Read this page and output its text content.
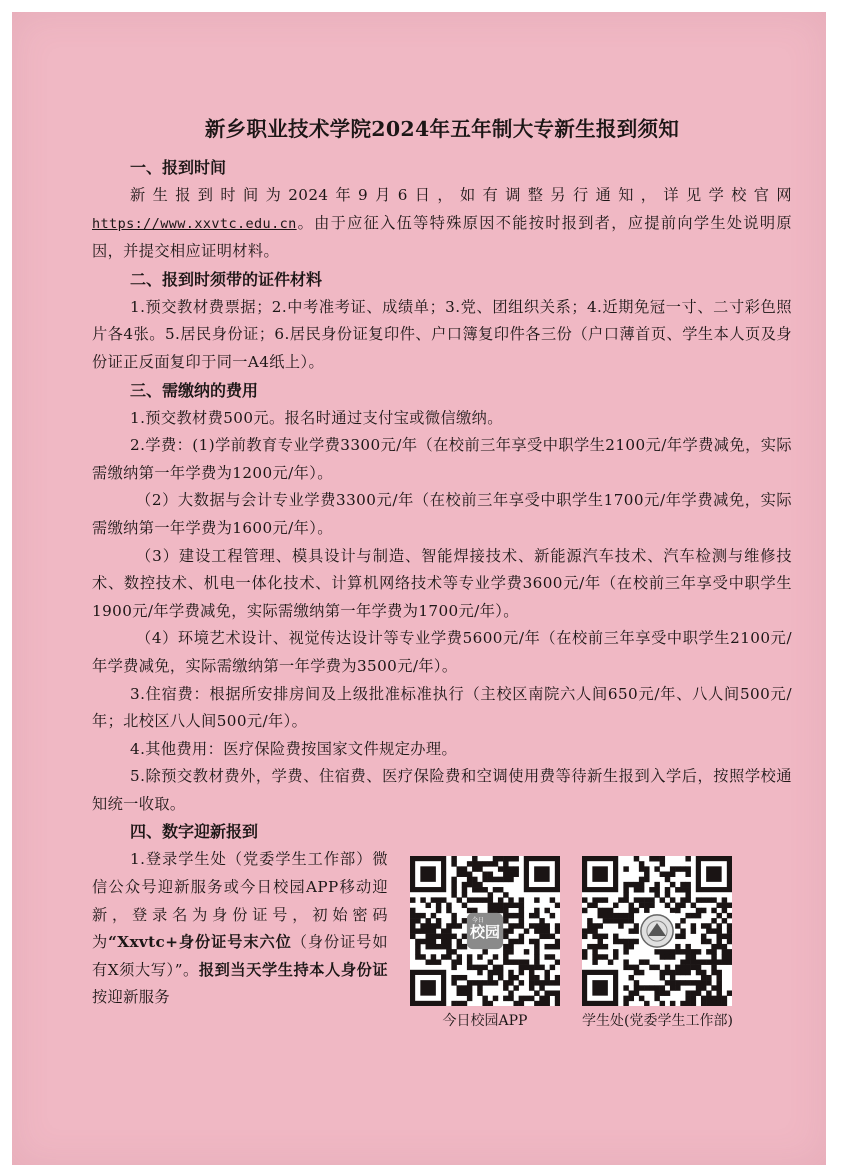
新乡职业技术学院2024年五年制大专新生报到须知
一、报到时间
新生报到时间为2024年9月6日，如有调整另行通知，详见学校官网https://www.xxvtc.edu.cn。由于应征入伍等特殊原因不能按时报到者，应提前向学生处说明原因，并提交相应证明材料。
二、报到时须带的证件材料
1.预交教材费票据；2.中考准考证、成绩单；3.党、团组织关系；4.近期免冠一寸、二寸彩色照片各4张。5.居民身份证；6.居民身份证复印件、户口簿复印件各三份（户口薄首页、学生本人页及身份证正反面复印于同一A4纸上）。
三、需缴纳的费用
1.预交教材费500元。报名时通过支付宝或微信缴纳。
2.学费：(1)学前教育专业学费3300元/年（在校前三年享受中职学生2100元/年学费减免，实际需缴纳第一年学费为1200元/年）。
（2）大数据与会计专业学费3300元/年（在校前三年享受中职学生1700元/年学费减免，实际需缴纳第一年学费为1600元/年）。
（3）建设工程管理、模具设计与制造、智能焊接技术、新能源汽车技术、汽车检测与维修技术、数控技术、机电一体化技术、计算机网络技术等专业学费3600元/年（在校前三年享受中职学生1900元/年学费减免，实际需缴纳第一年学费为1700元/年）。
（4）环境艺术设计、视觉传达设计等专业学费5600元/年（在校前三年享受中职学生2100元/年学费减免，实际需缴纳第一年学费为3500元/年）。
3.住宿费：根据所安排房间及上级批准标准执行（主校区南院六人间650元/年、八人间500元/年；北校区八人间500元/年）。
4.其他费用：医疗保险费按国家文件规定办理。
5.除预交教材费外，学费、住宿费、医疗保险费和空调使用费等待新生报到入学后，按照学校通知统一收取。
四、数字迎新报到
1.登录学生处（党委学生工作部）微信公众号迎新服务或今日校园APP移动迎新，登录名为身份证号，初始密码为“Xxvtc+身份证号末六位（身份证号如有X须大写）”。报到当天学生持本人身份证按迎新服务
校园
今日
今日校园APP	学生处(党委学生工作部)
